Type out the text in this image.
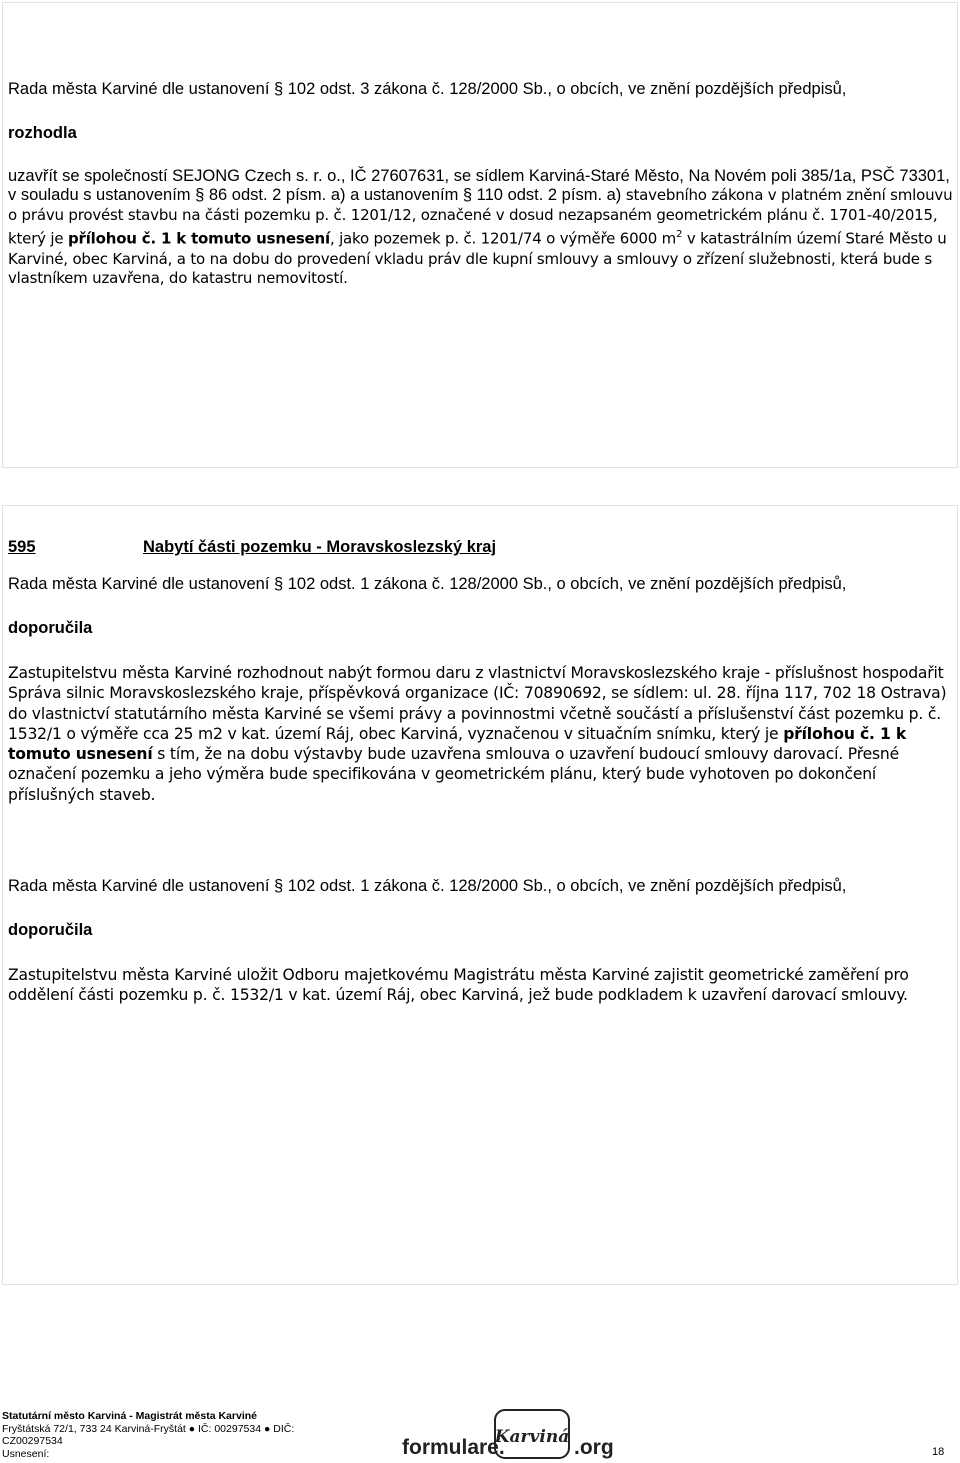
Rada města Karviné dle ustanovení § 102 odst. 3 zákona č. 128/2000 Sb., o obcích, ve znění pozdějších předpisů,

rozhodla

uzavřít se společností SEJONG Czech s. r. o., IČ 27607631, se sídlem Karviná-Staré Město, Na Novém poli 385/1a, PSČ 73301, v souladu s ustanovením § 86 odst. 2 písm. a) a ustanovením § 110 odst. 2 písm. a) stavebního zákona v platném znění smlouvu o právu provést stavbu na části pozemku p. č. 1201/12, označené v dosud nezapsaném geometrickém plánu č. 1701-40/2015, který je přílohou č. 1 k tomuto usnesení, jako pozemek p. č. 1201/74 o výměře 6000 $m^2$ v katastrálním území Staré Město u Karviné, obec Karviná, a to na dobu do provedení vkladu práv dle kupní smlouvy a smlouvy o zřízení služebnosti, která bude s vlastníkem uzavřena, do katastru nemovitostí.

595	Nabytí části pozemku - Moravskoslezský kraj

Rada města Karviné dle ustanovení § 102 odst. 1 zákona č. 128/2000 Sb., o obcích, ve znění pozdějších předpisů,

doporučila

Zastupitelstvu města Karviné rozhodnout nabýt formou daru z vlastnictví Moravskoslezského kraje - příslušnost hospodařit Správa silnic Moravskoslezského kraje, příspěvková organizace (IČ: 70890692, se sídlem: ul. 28. října 117, 702 18 Ostrava) do vlastnictví statutárního města Karviné se všemi právy a povinnostmi včetně součástí a příslušenství část pozemku p. č. 1532/1 o výměře cca 25 m2 v kat. území Ráj, obec Karviná, vyznačenou v situačním snímku, který je přílohou č. 1 k tomuto usnesení s tím, že na dobu výstavby bude uzavřena smlouva o uzavření budoucí smlouvy darovací. Přesné označení pozemku a jeho výměra bude specifikována v geometrickém plánu, který bude vyhotoven po dokončení příslušných staveb.

Rada města Karviné dle ustanovení § 102 odst. 1 zákona č. 128/2000 Sb., o obcích, ve znění pozdějších předpisů,

doporučila

Zastupitelstvu města Karviné uložit Odboru majetkovému Magistrátu města Karviné zajistit geometrické zaměření pro oddělení části pozemku p. č. 1532/1 v kat. území Ráj, obec Karviná, jež bude podkladem k uzavření darovací smlouvy.

Statutární město Karviná - Magistrát města Karviné
Fryštátská 72/1, 733 24 Karviná-Fryštát ● IČ: 00297534 ● DIČ:
CZ00297534
Usnesení:	formulare.
Karviná .org	18
